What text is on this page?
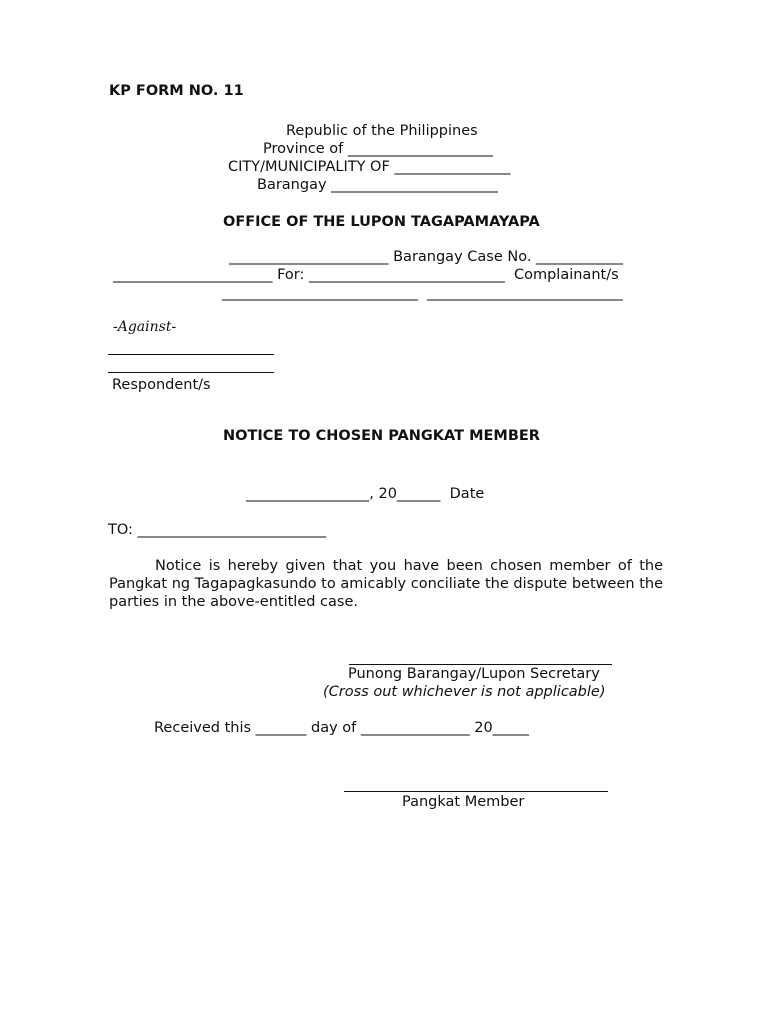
KP FORM NO. 11
Republic of the Philippines
Province of ____________________
CITY/MUNICIPALITY OF ________________
Barangay _______________________
OFFICE OF THE LUPON TAGAPAMAYAPA
______________________ Barangay Case No. ____________
______________________ For: ___________________________  Complainant/s
___________________________  ___________________________
-Against-
Respondent/s
NOTICE TO CHOSEN PANGKAT MEMBER
_________________, 20______  Date
TO: __________________________
Notice is hereby given that you have been chosen member of the Pangkat ng Tagapagkasundo to amicably conciliate the dispute between the parties in the above-entitled case.
Punong Barangay/Lupon Secretary
(Cross out whichever is not applicable)
Received this _______ day of _______________ 20_____
Pangkat Member
